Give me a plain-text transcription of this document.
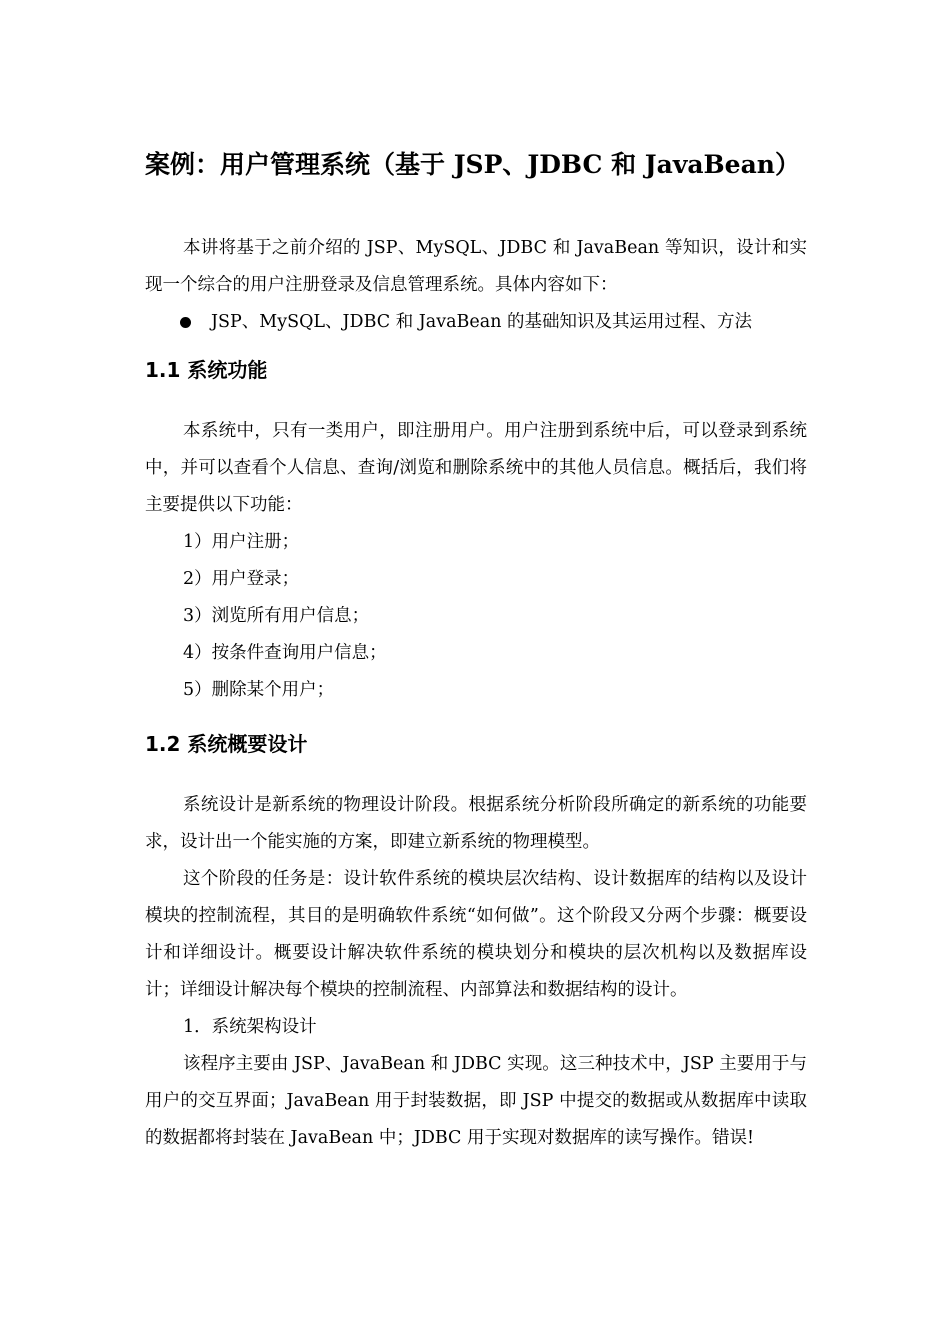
案例：用户管理系统（基于 JSP、JDBC 和 JavaBean）

本讲将基于之前介绍的 JSP、MySQL、JDBC 和 JavaBean 等知识，设计和实现一个综合的用户注册登录及信息管理系统。具体内容如下：

JSP、MySQL、JDBC 和 JavaBean 的基础知识及其运用过程、方法

1.1 系统功能

本系统中，只有一类用户，即注册用户。用户注册到系统中后，可以登录到系统中，并可以查看个人信息、查询/浏览和删除系统中的其他人员信息。概括后，我们将主要提供以下功能：

1）用户注册；

2）用户登录；

3）浏览所有用户信息；

4）按条件查询用户信息；

5）删除某个用户；

1.2 系统概要设计

系统设计是新系统的物理设计阶段。根据系统分析阶段所确定的新系统的功能要求，设计出一个能实施的方案，即建立新系统的物理模型。

这个阶段的任务是：设计软件系统的模块层次结构、设计数据库的结构以及设计模块的控制流程，其目的是明确软件系统“如何做”。这个阶段又分两个步骤：概要设计和详细设计。概要设计解决软件系统的模块划分和模块的层次机构以及数据库设计；详细设计解决每个模块的控制流程、内部算法和数据结构的设计。

1．系统架构设计

该程序主要由 JSP、JavaBean 和 JDBC 实现。这三种技术中，JSP 主要用于与用户的交互界面；JavaBean 用于封装数据，即 JSP 中提交的数据或从数据库中读取的数据都将封装在 JavaBean 中；JDBC 用于实现对数据库的读写操作。错误!
